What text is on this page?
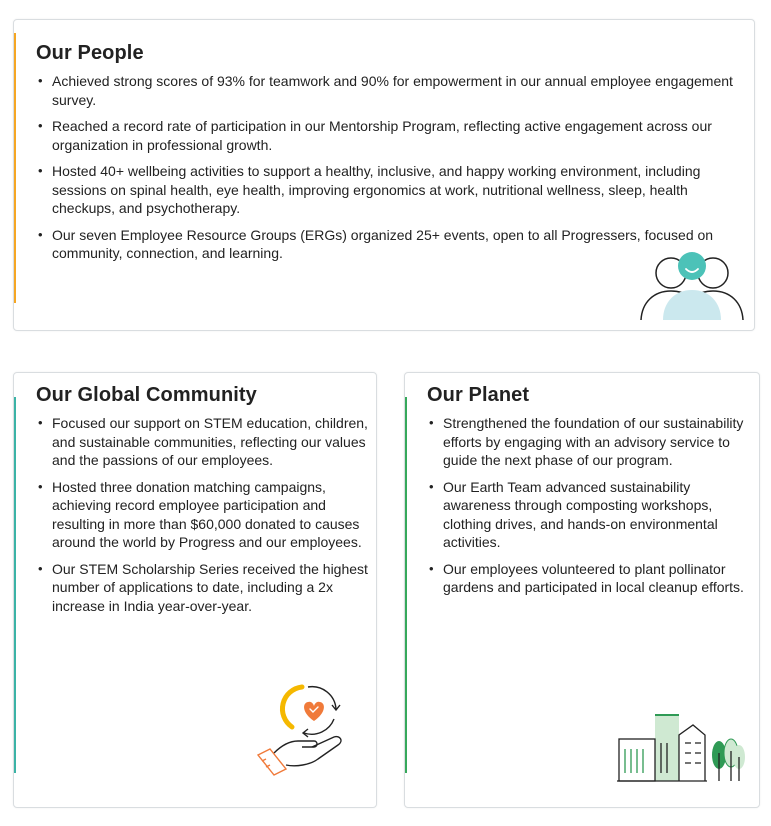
Our People
• Achieved strong scores of 93% for teamwork and 90% for empowerment in our annual employee engagement survey.
• Reached a record rate of participation in our Mentorship Program, reflecting active engagement across our organization in professional growth.
• Hosted 40+ wellbeing activities to support a healthy, inclusive, and happy working environment, including sessions on spinal health, eye health, improving ergonomics at work, nutritional wellness, sleep, health checkups, and psychotherapy.
• Our seven Employee Resource Groups (ERGs) organized 25+ events, open to all Progressers, focused on community, connection, and learning.
Our Global Community
• Focused our support on STEM education, children, and sustainable communities, reflecting our values and the passions of our employees.
• Hosted three donation matching campaigns, achieving record employee participation and resulting in more than $60,000 donated to causes around the world by Progress and our employees.
• Our STEM Scholarship Series received the highest number of applications to date, including a 2x increase in India year-over-year.
Our Planet
• Strengthened the foundation of our sustainability efforts by engaging with an advisory service to guide the next phase of our program.
• Our Earth Team advanced sustainability awareness through composting workshops, clothing drives, and hands-on environmental activities.
• Our employees volunteered to plant pollinator gardens and participated in local cleanup efforts.
